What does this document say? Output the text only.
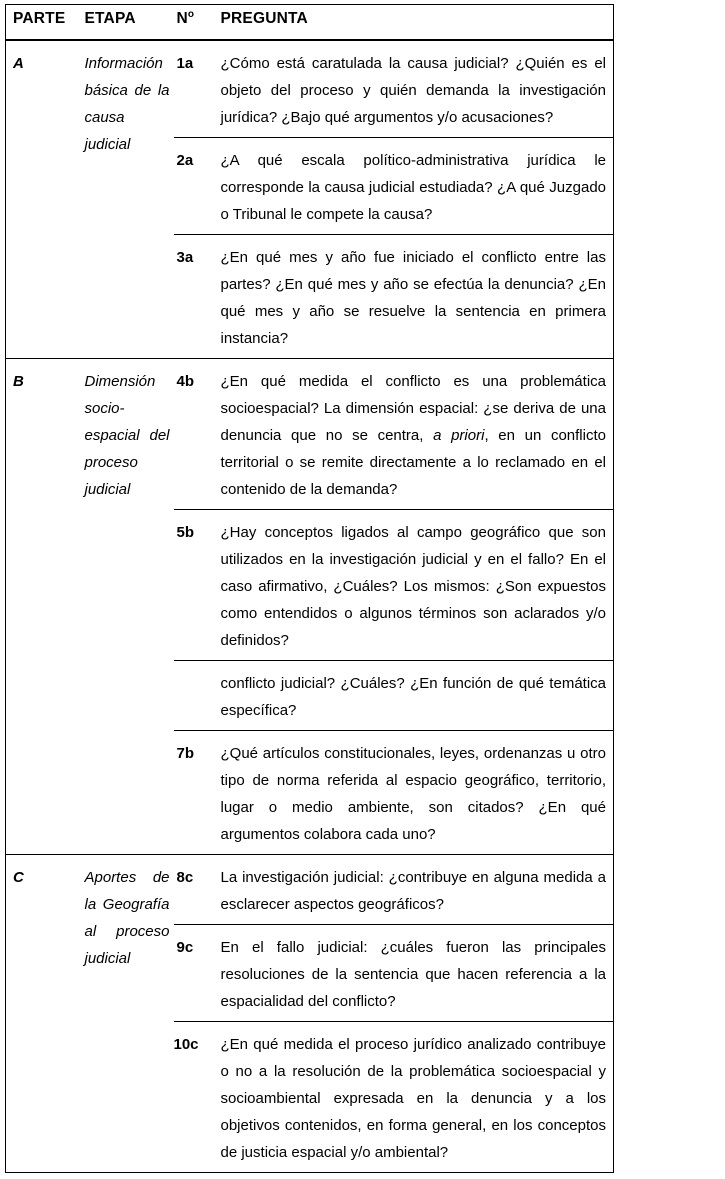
PARTE	ETAPA	$N^o$	PREGUNTA
A	Información básica de la causa judicial	1a	¿Cómo está caratulada la causa judicial? ¿Quién es el objeto del proceso y quién demanda la investigación jurídica? ¿Bajo qué argumentos y/o acusaciones?
		2a	¿A qué escala político-administrativa jurídica le corresponde la causa judicial estudiada? ¿A qué Juzgado o Tribunal le compete la causa?
		3a	¿En qué mes y año fue iniciado el conflicto entre las partes? ¿En qué mes y año se efectúa la denuncia? ¿En qué mes y año se resuelve la sentencia en primera instancia?
B	Dimensión socio-espacial del proceso judicial	4b	¿En qué medida el conflicto es una problemática socioespacial? La dimensión espacial: ¿se deriva de una denuncia que no se centra, a priori, en un conflicto territorial o se remite directamente a lo reclamado en el contenido de la demanda?
		5b	¿Hay conceptos ligados al campo geográfico que son utilizados en la investigación judicial y en el fallo? En el caso afirmativo, ¿Cuáles? Los mismos: ¿Son expuestos como entendidos o algunos términos son aclarados y/o definidos?
			conflicto judicial? ¿Cuáles? ¿En función de qué temática específica?
		7b	¿Qué artículos constitucionales, leyes, ordenanzas u otro tipo de norma referida al espacio geográfico, territorio, lugar o medio ambiente, son citados? ¿En qué argumentos colabora cada uno?
C	Aportes de la Geografía al proceso judicial	8c	La investigación judicial: ¿contribuye en alguna medida a esclarecer aspectos geográficos?
		9c	En el fallo judicial: ¿cuáles fueron las principales resoluciones de la sentencia que hacen referencia a la espacialidad del conflicto?
		10c	¿En qué medida el proceso jurídico analizado contribuye o no a la resolución de la problemática socioespacial y socioambiental expresada en la denuncia y a los objetivos contenidos, en forma general, en los conceptos de justicia espacial y/o ambiental?
